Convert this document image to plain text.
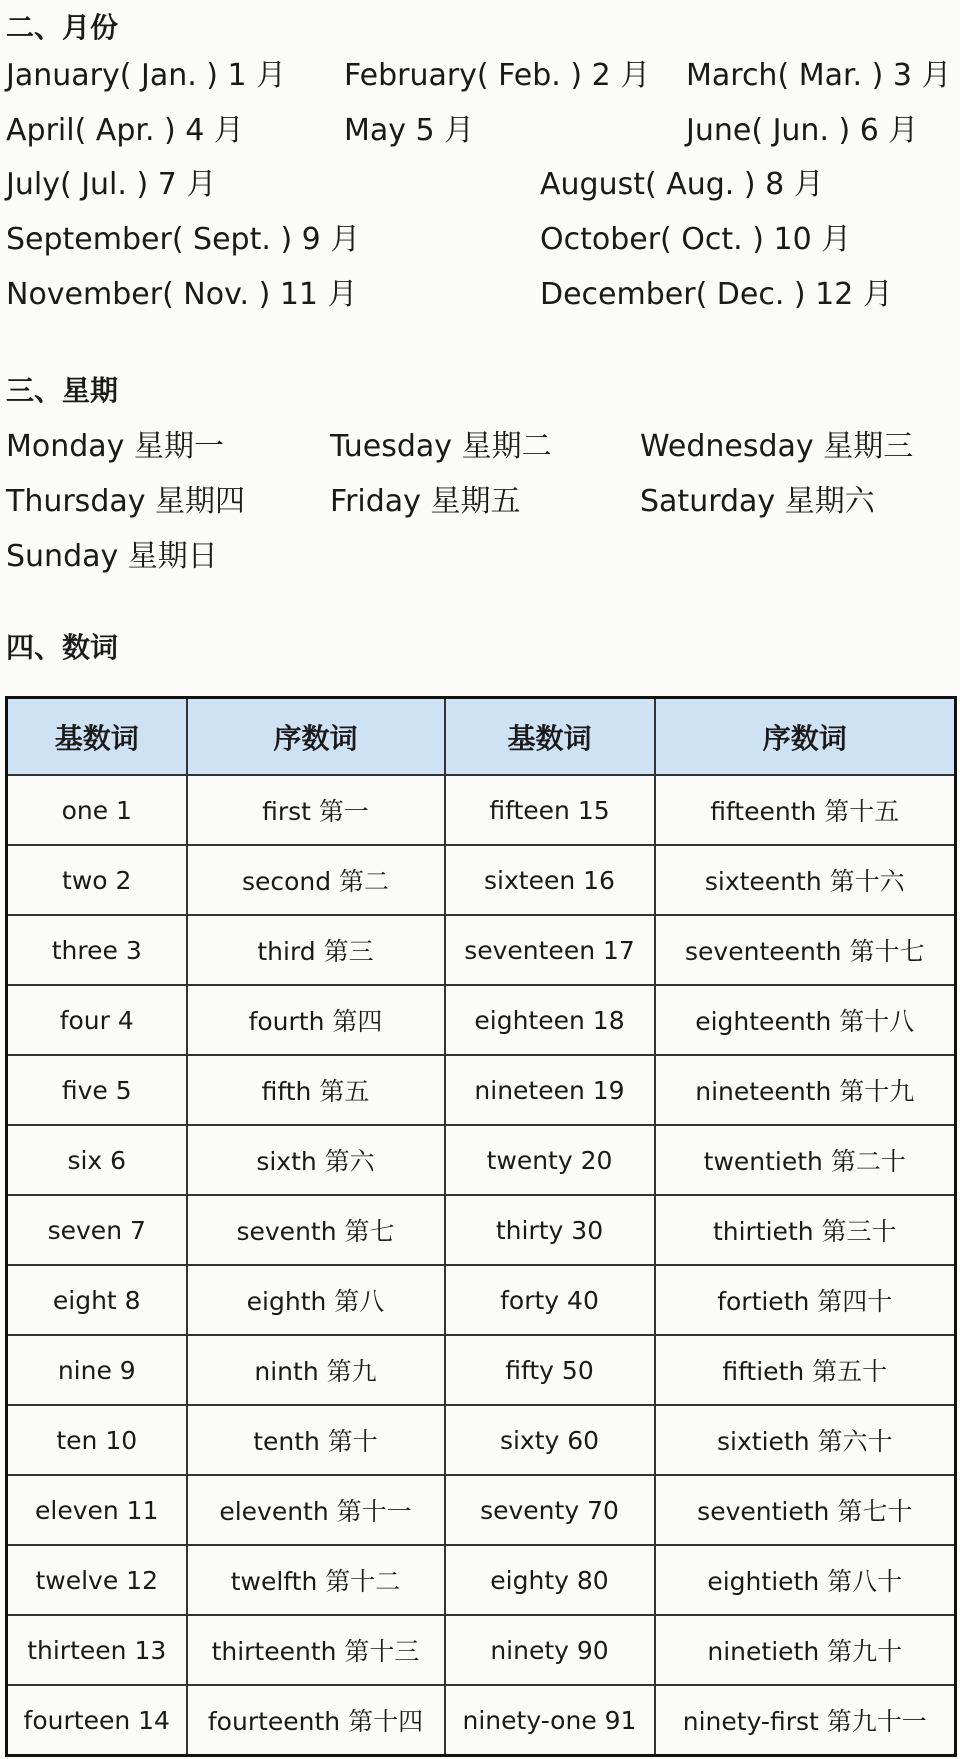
二、月份
January( Jan. ) 1 月 February( Feb. ) 2 月 March( Mar. ) 3 月
April( Apr. ) 4 月	May 5 月	June( Jun. ) 6 月
July( Jul. ) 7 月	August( Aug. ) 8 月
September( Sept. ) 9 月	October( Oct. ) 10 月
November( Nov. ) 11 月	December( Dec. ) 12 月
三、星期
Monday 星期一	Tuesday 星期二	Wednesday 星期三
Thursday 星期四	Friday 星期五	Saturday 星期六
Sunday 星期日
四、数词
基数词	序数词	基数词	序数词
one 1	first 第一	fifteen 15	fifteenth 第十五
two 2	second 第二	sixteen 16	sixteenth 第十六
three 3	third 第三	seventeen 17	seventeenth 第十七
four 4	fourth 第四	eighteen 18	eighteenth 第十八
five 5	fifth 第五	nineteen 19	nineteenth 第十九
six 6	sixth 第六	twenty 20	twentieth 第二十
seven 7	seventh 第七	thirty 30	thirtieth 第三十
eight 8	eighth 第八	forty 40	fortieth 第四十
nine 9	ninth 第九	fifty 50	fiftieth 第五十
ten 10	tenth 第十	sixty 60	sixtieth 第六十
eleven 11	eleventh 第十一	seventy 70	seventieth 第七十
twelve 12	twelfth 第十二	eighty 80	eightieth 第八十
thirteen 13	thirteenth 第十三	ninety 90	ninetieth 第九十
fourteen 14	fourteenth 第十四	ninety-one 91	ninety-first 第九十一
